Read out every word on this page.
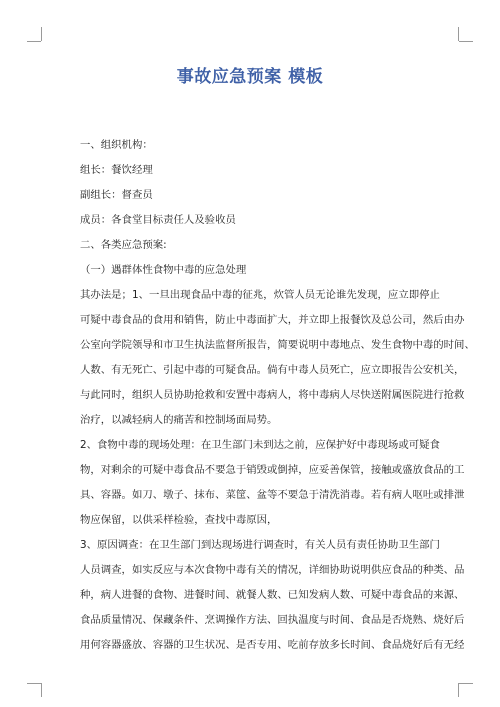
事故应急预案 模板
一、组织机构：
组长：餐饮经理
副组长：督查员
成员：各食堂目标责任人及验收员
二、各类应急预案:
（一）遇群体性食物中毒的应急处理
其办法是；1、一旦出现食品中毒的征兆，炊管人员无论谁先发现，应立即停止
可疑中毒食品的食用和销售，防止中毒面扩大，并立即上报餐饮及总公司，然后由办
公室向学院领导和市卫生执法监督所报告，简要说明中毒地点、发生食物中毒的时间、
人数、有无死亡、引起中毒的可疑食品。倘有中毒人员死亡，应立即报告公安机关，
与此同时，组织人员协助抢救和安置中毒病人，将中毒病人尽快送附属医院进行抢救
治疗，以减轻病人的痛苦和控制场面局势。
2、食物中毒的现场处理：在卫生部门未到达之前，应保护好中毒现场或可疑食
物，对剩余的可疑中毒食品不要急于销毁或倒掉，应妥善保管，接触或盛放食品的工
具、容器。如刀、墩子、抹布、菜筐、盆等不要急于清洗消毒。若有病人呕吐或排泄
物应保留，以供采样检验，查找中毒原因，
3、原因调查：在卫生部门到达现场进行调查时，有关人员有责任协助卫生部门
人员调查，如实反应与本次食物中毒有关的情况，详细协助说明供应食品的种类、品
种，病人进餐的食物、进餐时间、就餐人数、已知发病人数、可疑中毒食品的来源、
食品质量情况、保藏条件、烹调操作方法、回执温度与时间、食品是否烧熟、烧好后
用何容器盛放、容器的卫生状况、是否专用、吃前存放多长时间、食品烧好后有无经
